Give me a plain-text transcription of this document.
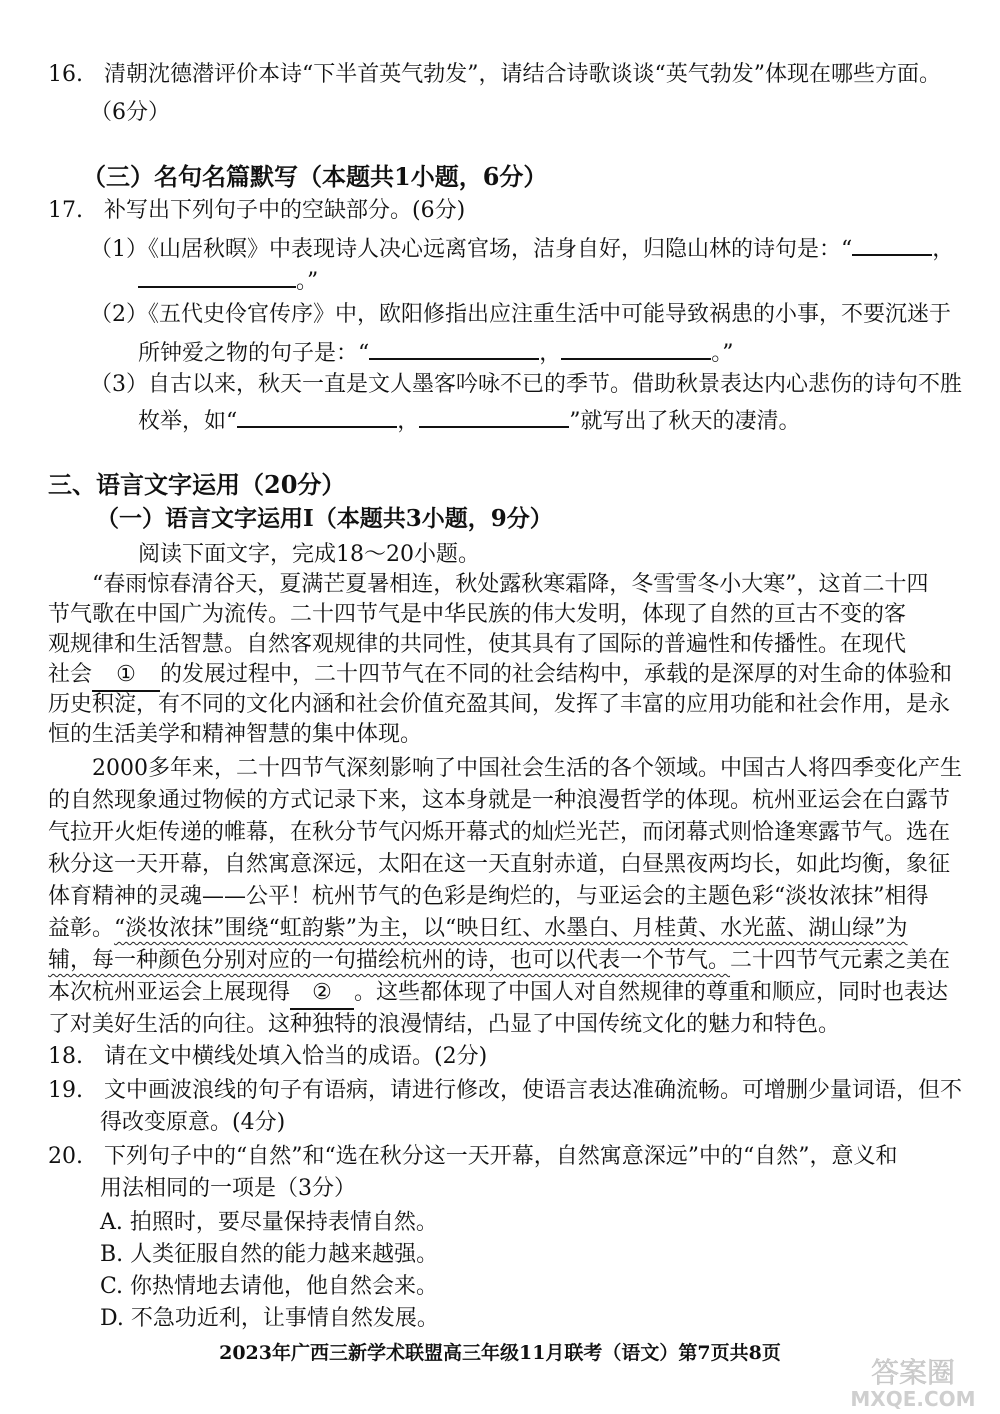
16. 清朝沈德潜评价本诗“下半首英气勃发”，请结合诗歌谈谈“英气勃发”体现在哪些方面。
（6分）
（三）名句名篇默写（本题共1小题，6分）
17. 补写出下列句子中的空缺部分。(6分)
（1）《山居秋暝》中表现诗人决心远离官场，洁身自好，归隐山林的诗句是：“	，
。”
（2）《五代史伶官传序》中，欧阳修指出应注重生活中可能导致祸患的小事，不要沉迷于
所钟爱之物的句子是：“	，	。”
（3）自古以来，秋天一直是文人墨客吟咏不已的季节。借助秋景表达内心悲伤的诗句不胜
枚举，如“	，	”就写出了秋天的凄清。
三、语言文字运用（20分）
（一）语言文字运用Ⅰ（本题共3小题，9分）
阅读下面文字，完成18～20小题。
“春雨惊春清谷天，夏满芒夏暑相连，秋处露秋寒霜降，冬雪雪冬小大寒”，这首二十四
节气歌在中国广为流传。二十四节气是中华民族的伟大发明，体现了自然的亘古不变的客
观规律和生活智慧。自然客观规律的共同性，使其具有了国际的普遍性和传播性。在现代
社会 ① 的发展过程中，二十四节气在不同的社会结构中，承载的是深厚的对生命的体验和
历史积淀，有不同的文化内涵和社会价值充盈其间，发挥了丰富的应用功能和社会作用，是永
恒的生活美学和精神智慧的集中体现。
2000多年来，二十四节气深刻影响了中国社会生活的各个领域。中国古人将四季变化产生
的自然现象通过物候的方式记录下来，这本身就是一种浪漫哲学的体现。杭州亚运会在白露节
气拉开火炬传递的帷幕，在秋分节气闪烁开幕式的灿烂光芒，而闭幕式则恰逢寒露节气。选在
秋分这一天开幕，自然寓意深远，太阳在这一天直射赤道，白昼黑夜两均长，如此均衡，象征
体育精神的灵魂——公平！杭州节气的色彩是绚烂的，与亚运会的主题色彩“淡妆浓抹”相得
益彰。“淡妆浓抹”围绕“虹韵紫”为主，以“映日红、水墨白、月桂黄、水光蓝、湖山绿”为
辅，每一种颜色分别对应的一句描绘杭州的诗，也可以代表一个节气。二十四节气元素之美在
本次杭州亚运会上展现得 ② 。这些都体现了中国人对自然规律的尊重和顺应，同时也表达
了对美好生活的向往。这种独特的浪漫情结，凸显了中国传统文化的魅力和特色。
18. 请在文中横线处填入恰当的成语。(2分)
19. 文中画波浪线的句子有语病，请进行修改，使语言表达准确流畅。可增删少量词语，但不
得改变原意。(4分)
20. 下列句子中的“自然”和“选在秋分这一天开幕，自然寓意深远”中的“自然”，意义和
用法相同的一项是（3分）
A. 拍照时，要尽量保持表情自然。
B. 人类征服自然的能力越来越强。
C. 你热情地去请他，他自然会来。
D. 不急功近利，让事情自然发展。
2023年广西三新学术联盟高三年级11月联考（语文）第7页共8页
答案圈
MXQE.COM
